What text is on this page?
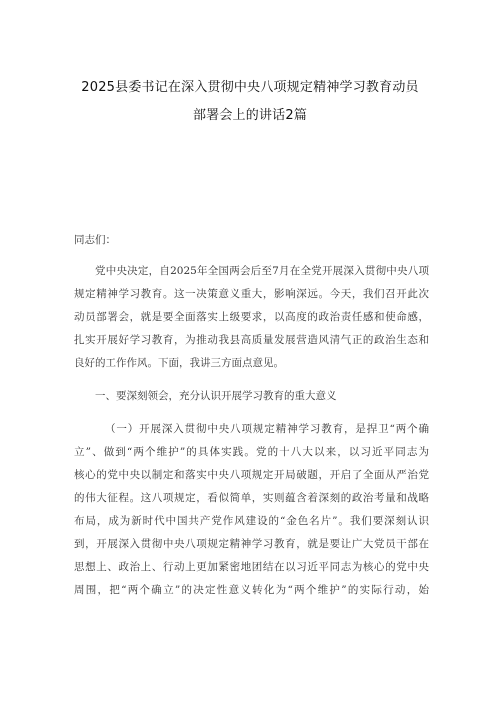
2025县委书记在深入贯彻中央八项规定精神学习教育动员
部署会上的讲话2篇
同志们：
党中央决定，自2025年全国两会后至7月在全党开展深入贯彻中央八项
规定精神学习教育。这一决策意义重大，影响深远。今天，我们召开此次
动员部署会，就是要全面落实上级要求，以高度的政治责任感和使命感，
扎实开展好学习教育，为推动我县高质量发展营造风清气正的政治生态和
良好的工作作风。下面，我讲三方面点意见。
一、要深刻领会，充分认识开展学习教育的重大意义
（一）开展深入贯彻中央八项规定精神学习教育，是捍卫“两个确
立”、做到“两个维护”的具体实践。党的十八大以来，以习近平同志为
核心的党中央以制定和落实中央八项规定开局破题，开启了全面从严治党
的伟大征程。这八项规定，看似简单，实则蕴含着深刻的政治考量和战略
布局，成为新时代中国共产党作风建设的“金色名片”。我们要深刻认识
到，开展深入贯彻中央八项规定精神学习教育，就是要让广大党员干部在
思想上、政治上、行动上更加紧密地团结在以习近平同志为核心的党中央
周围，把“两个确立”的决定性意义转化为“两个维护”的实际行动，始
